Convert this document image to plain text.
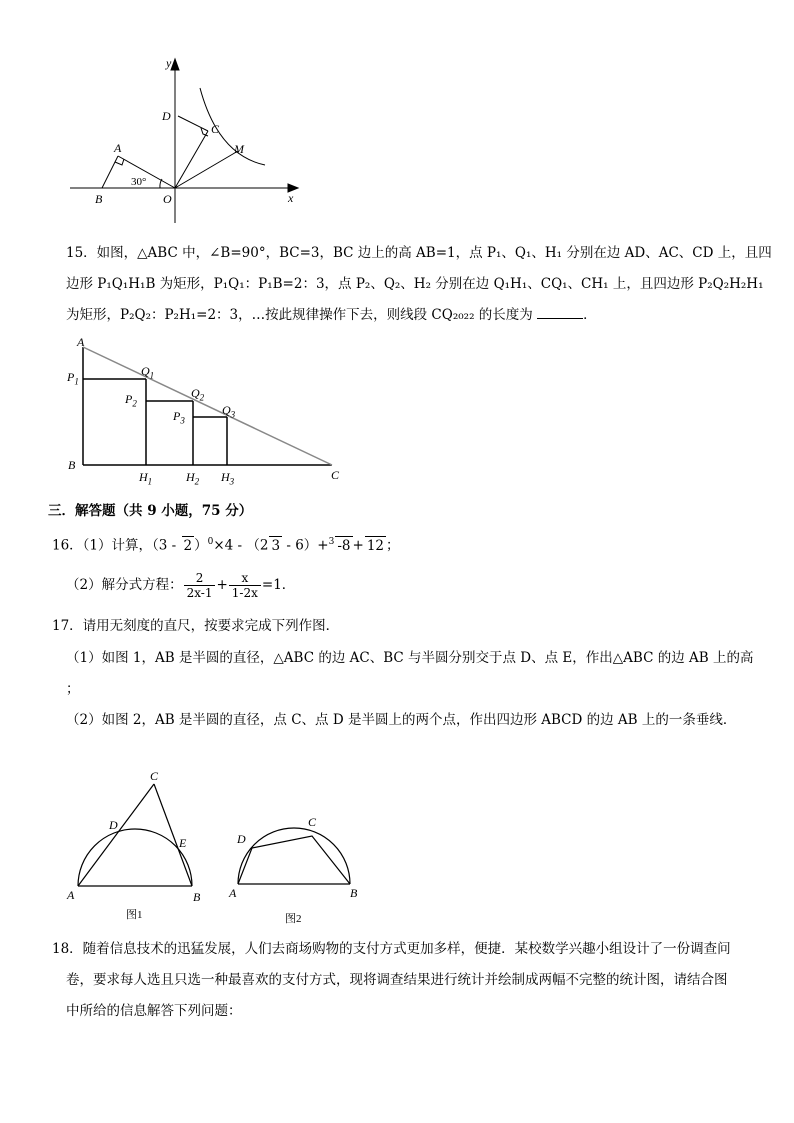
y
x
D
C
A	M
B	O
30°
15．如图，△ABC 中，∠B=90°，BC=3，BC 边上的高 AB=1，点 P₁、Q₁、H₁ 分别在边 AD、AC、CD 上，且四
边形 P₁Q₁H₁B 为矩形，P₁Q₁：P₁B=2：3，点 P₂、Q₂、H₂ 分别在边 Q₁H₁、CQ₁、CH₁ 上，且四边形 P₂Q₂H₂H₁
为矩形，P₂Q₂：P₂H₁=2：3，…按此规律操作下去，则线段 CQ₂₀₂₂ 的长度为	．
A
$P_1$
$Q_1$
$P_2$
$Q_2$
$P_3$
$Q_3$
B
$H_1$	$H_2$ $H_3$	C
三．解答题（共 9 小题，75 分）
16．（1）计算，（3 - 2 ）$^0$×4 - （2 3 - 6）+$^3$ -8 + 12 ；
（2）解分式方程： $\frac{2}{2x-1} + \frac{x}{1-2x} =1$．
17．请用无刻度的直尺，按要求完成下列作图．
（1）如图 1，AB 是半圆的直径，△ABC 的边 AC、BC 与半圆分别交于点 D、点 E，作出△ABC 的边 AB 上的高
；
（2）如图 2，AB 是半圆的直径，点 C、点 D 是半圆上的两个点，作出四边形 ABCD 的边 AB 上的一条垂线．
C
D
E
A	B
图1
C
D
A	B
图2
18．随着信息技术的迅猛发展，人们去商场购物的支付方式更加多样，便捷．某校数学兴趣小组设计了一份调查问
卷，要求每人选且只选一种最喜欢的支付方式，现将调查结果进行统计并绘制成两幅不完整的统计图，请结合图
中所给的信息解答下列问题：
